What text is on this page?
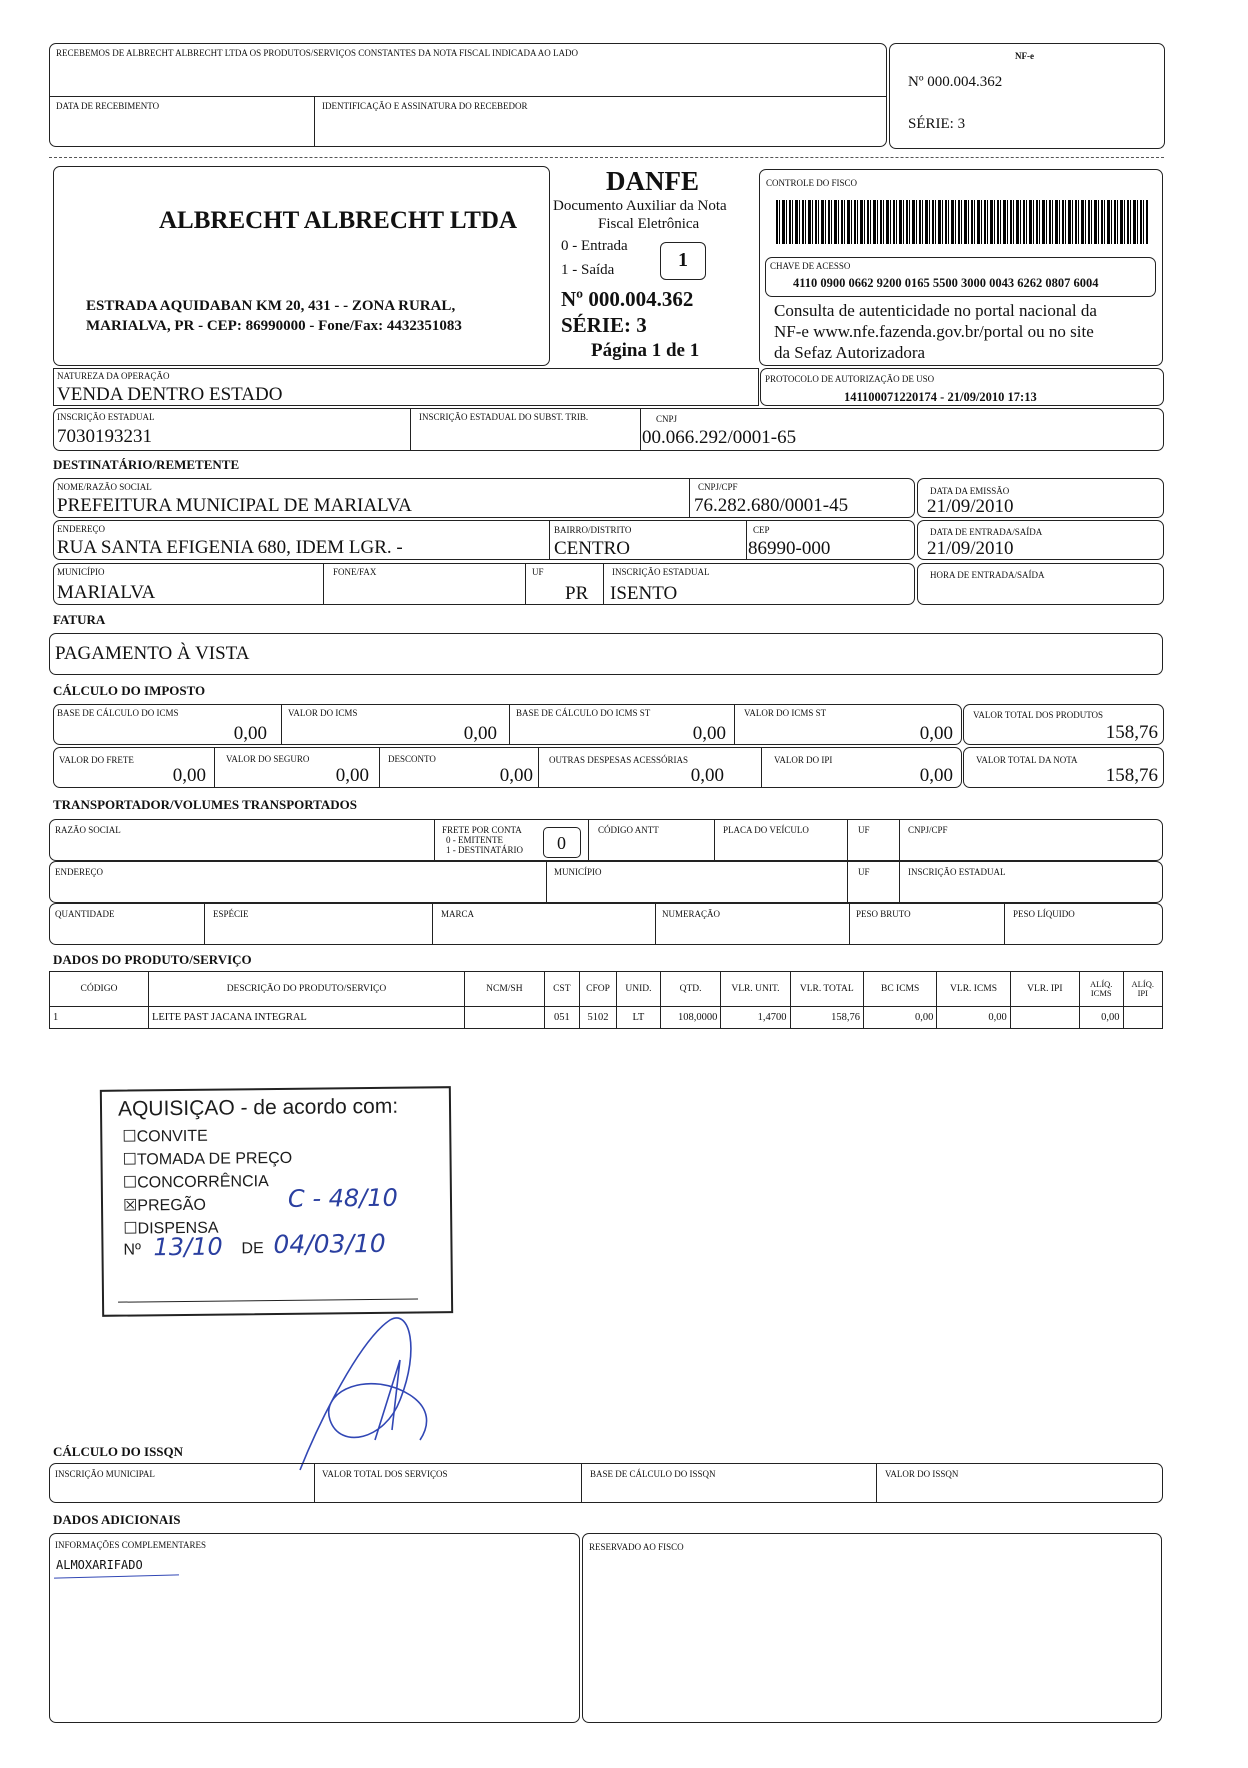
RECEBEMOS DE ALBRECHT ALBRECHT LTDA OS PRODUTOS/SERVIÇOS CONSTANTES DA NOTA FISCAL INDICADA AO LADO
DATA DE RECEBIMENTO	IDENTIFICAÇÃO E ASSINATURA DO RECEBEDOR
NF-e
Nº 000.004.362
SÉRIE: 3
ALBRECHT ALBRECHT LTDA
ESTRADA AQUIDABAN KM 20, 431 - - ZONA RURAL,
MARIALVA, PR - CEP: 86990000 - Fone/Fax: 4432351083
DANFE
Documento Auxiliar da Nota
Fiscal Eletrônica
0 - Entrada
1 - Saída	1
Nº 000.004.362
SÉRIE: 3
Página 1 de 1
CONTROLE DO FISCO
CHAVE DE ACESSO
4110 0900 0662 9200 0165 5500 3000 0043 6262 0807 6004
Consulta de autenticidade no portal nacional da
NF-e www.nfe.fazenda.gov.br/portal ou no site
da Sefaz Autorizadora
NATUREZA DA OPERAÇÃO
VENDA DENTRO ESTADO
PROTOCOLO DE AUTORIZAÇÃO DE USO
141100071220174 - 21/09/2010 17:13
INSCRIÇÃO ESTADUAL
7030193231
INSCRIÇÃO ESTADUAL DO SUBST. TRIB.	CNPJ
00.066.292/0001-65
DESTINATÁRIO/REMETENTE
NOME/RAZÃO SOCIAL
PREFEITURA MUNICIPAL DE MARIALVA
CNPJ/CPF
76.282.680/0001-45
DATA DA EMISSÃO
21/09/2010
ENDEREÇO
RUA SANTA EFIGENIA 680, IDEM LGR. -
BAIRRO/DISTRITO
CENTRO
CEP
86990-000
DATA DE ENTRADA/SAÍDA
21/09/2010
MUNICÍPIO
MARIALVA
FONE/FAX	UF
PR
INSCRIÇÃO ESTADUAL
ISENTO
HORA DE ENTRADA/SAÍDA
FATURA
PAGAMENTO À VISTA
CÁLCULO DO IMPOSTO
BASE DE CÁLCULO DO ICMS
0,00
VALOR DO ICMS
0,00
BASE DE CÁLCULO DO ICMS ST
0,00
VALOR DO ICMS ST
0,00
VALOR TOTAL DOS PRODUTOS
158,76
VALOR DO FRETE
0,00
VALOR DO SEGURO
0,00
DESCONTO
0,00
OUTRAS DESPESAS ACESSÓRIAS
0,00
VALOR DO IPI
0,00
VALOR TOTAL DA NOTA
158,76
TRANSPORTADOR/VOLUMES TRANSPORTADOS
RAZÃO SOCIAL	FRETE POR CONTA
0 - EMITENTE
1 - DESTINATÁRIO 0
CÓDIGO ANTT	PLACA DO VEÍCULO	UF	CNPJ/CPF
ENDEREÇO	MUNICÍPIO	UF	INSCRIÇÃO ESTADUAL
QUANTIDADE	ESPÉCIE	MARCA	NUMERAÇÃO	PESO BRUTO	PESO LÍQUIDO
DADOS DO PRODUTO/SERVIÇO
CÓDIGO	DESCRIÇÃO DO PRODUTO/SERVIÇO	NCM/SH	CST	CFOP	UNID.	QTD.	VLR. UNIT.	VLR. TOTAL	BC ICMS	VLR. ICMS	VLR. IPI	ALÍQ. ICMS	ALÍQ. IPI
1	LEITE PAST JACANA INTEGRAL		051	5102	LT	108,0000	1,4700	158,76	0,00	0,00		0,00	
AQUISIÇAO - de acordo com:
☐CONVITE
☐TOMADA DE PREÇO
☐CONCORRÊNCIA
☒PREGÃO	C - 48/10
☐DISPENSA
Nº 13/10 DE 04/03/10
CÁLCULO DO ISSQN
INSCRIÇÃO MUNICIPAL	VALOR TOTAL DOS SERVIÇOS	BASE DE CÁLCULO DO ISSQN	VALOR DO ISSQN
DADOS ADICIONAIS
INFORMAÇÕES COMPLEMENTARES
ALMOXARIFADO
RESERVADO AO FISCO
